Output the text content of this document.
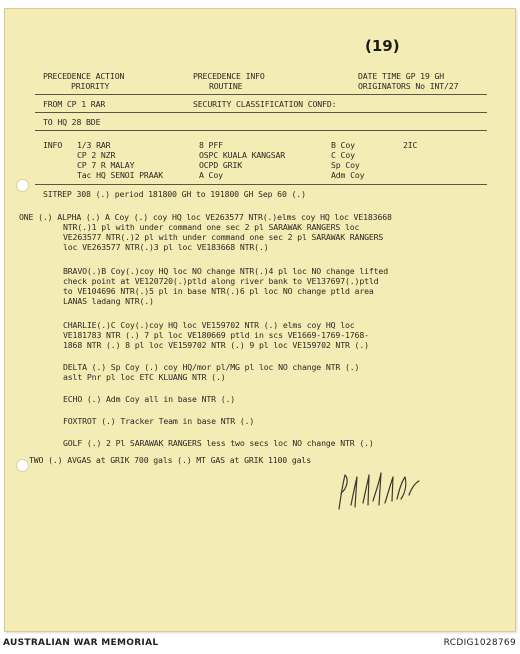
(19)
PRECEDENCE ACTION
PRIORITY
PRECEDENCE INFO
ROUTINE
DATE TIME GP 19 GH
ORIGINATORS No INT/27
FROM CP 1 RAR	SECURITY CLASSIFICATION CONFD:
TO HQ 28 BDE
INFO 1/3 RAR
CP 2 NZR
CP 7 R MALAY
Tac HQ SENOI PRAAK
8 PFF
OSPC KUALA KANGSAR
OCPD GRIK
A Coy
B Coy
C Coy
Sp Coy
Adm Coy
2IC
SITREP 308 (.) period 181800 GH to 191800 GH Sep 60 (.)
ONE (.) ALPHA (.) A Coy (.) coy HQ loc VE263577 NTR(.)elms coy HQ loc VE183668
NTR(.)1 pl with under command one sec 2 pl SARAWAK RANGERS loc
VE263577 NTR(.)2 pl with under command one sec 2 pl SARAWAK RANGERS
loc VE263577 NTR(.)3 pl loc VE183668 NTR(.)
BRAVO(.)B Coy(.)coy HQ loc NO change NTR(.)4 pl loc NO change lifted
check point at VE120720(.)ptld along river bank to VE137697(.)ptld
to VE104696 NTR(.)5 pl in base NTR(.)6 pl loc NO change ptld area
LANAS ladang NTR(.)
CHARLIE(.)C Coy(.)coy HQ loc VE159702 NTR (.) elms coy HQ loc
VE181783 NTR (.) 7 pl loc VE180669 ptld in scs VE1669-1769-1768-
1868 NTR (.) 8 pl loc VE159702 NTR (.) 9 pl loc VE159702 NTR (.)
DELTA (.) Sp Coy (.) coy HQ/mor pl/MG pl loc NO change NTR (.)
aslt Pnr pl loc ETC KLUANG NTR (.)
ECHO (.) Adm Coy all in base NTR (.)
FOXTROT (.) Tracker Team in base NTR (.)
GOLF (.) 2 Pl SARAWAK RANGERS less two secs loc NO change NTR (.)
TWO (.) AVGAS at GRIK 700 gals (.) MT GAS at GRIK 1100 gals
AUSTRALIAN WAR MEMORIAL	RCDIG1028769
